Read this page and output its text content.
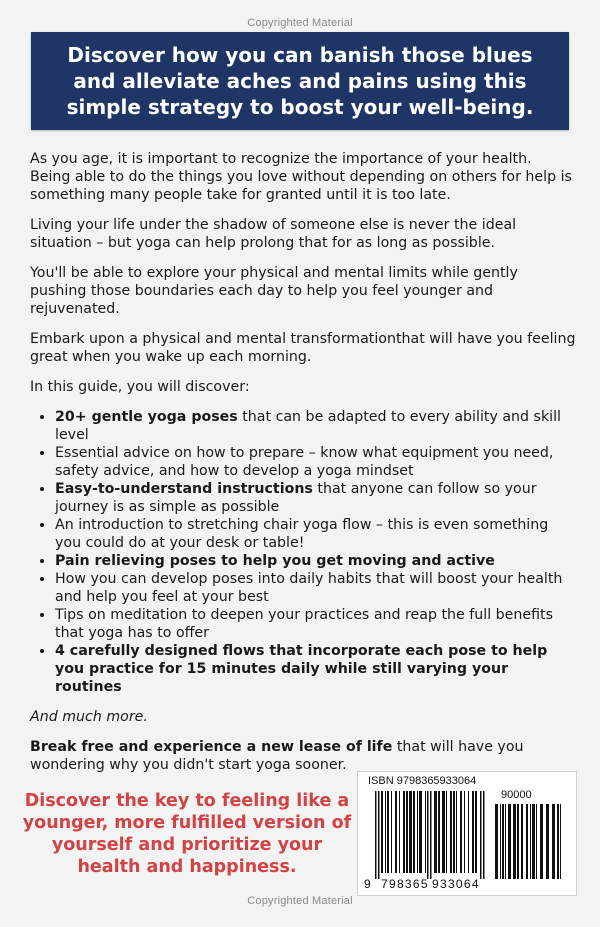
Copyrighted Material
Discover how you can banish those blues and alleviate aches and pains using this simple strategy to boost your well-being.

As you age, it is important to recognize the importance of your health. Being able to do the things you love without depending on others for help is something many people take for granted until it is too late.

Living your life under the shadow of someone else is never the ideal situation – but yoga can help prolong that for as long as possible.

You'll be able to explore your physical and mental limits while gently pushing those boundaries each day to help you feel younger and rejuvenated.

Embark upon a physical and mental transformationthat will have you feeling great when you wake up each morning.

In this guide, you will discover:

• 20+ gentle yoga poses that can be adapted to every ability and skill level
• Essential advice on how to prepare – know what equipment you need, safety advice, and how to develop a yoga mindset
• Easy-to-understand instructions that anyone can follow so your journey is as simple as possible
• An introduction to stretching chair yoga flow – this is even something you could do at your desk or table!
• Pain relieving poses to help you get moving and active
• How you can develop poses into daily habits that will boost your health and help you feel at your best
• Tips on meditation to deepen your practices and reap the full benefits that yoga has to offer
• 4 carefully designed flows that incorporate each pose to help you practice for 15 minutes daily while still varying your routines

And much more.

Break free and experience a new lease of life that will have you wondering why you didn't start yoga sooner.

Discover the key to feeling like a younger, more fulfilled version of yourself and prioritize your health and happiness.
ISBN 9798365933064
90000
9 798365 933064
Copyrighted Material
